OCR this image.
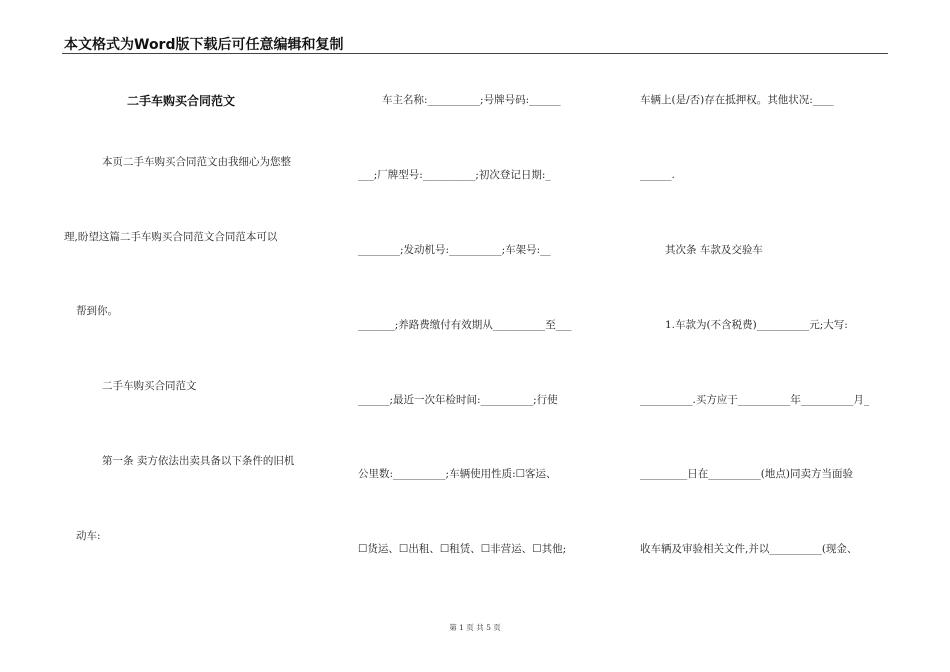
本文格式为Word版下载后可任意编辑和复制
二手车购买合同范文
本页二手车购买合同范文由我细心为您整
理,盼望这篇二手车购买合同范文合同范本可以
帮到你。
二手车购买合同范文
第一条 卖方依法出卖具备以下条件的旧机
动车:
车主名称:__________;号牌号码:______
___;厂牌型号:__________;初次登记日期:_
________;发动机号:__________;车架号:__
_______;养路费缴付有效期从__________至___
______;最近一次年检时间:__________;行使
公里数:__________;车辆使用性质:☐客运、
☐货运、☐出租、☐租赁、☐非营运、☐其他;
车辆上(是/否)存在抵押权。其他状况:____
______.
其次条 车款及交验车
1.车款为(不含税费)__________元;大写:
__________.买方应于__________年__________月_
_________日在__________(地点)同卖方当面验
收车辆及审验相关文件,并以__________(现金、
第 1 页 共 5 页
